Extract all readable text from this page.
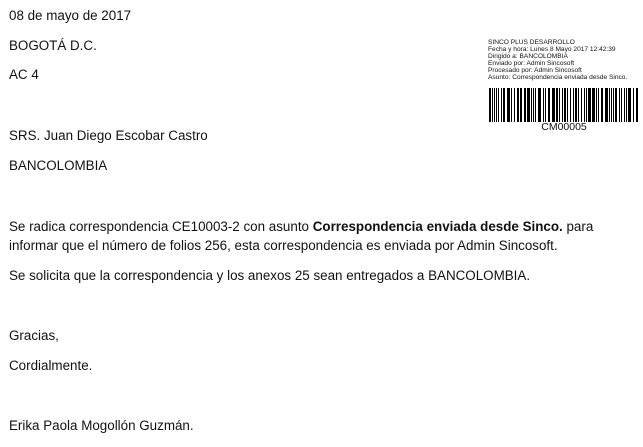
08 de mayo de 2017
BOGOTÁ D.C.
AC 4
SINCO PLUS DESARROLLO
Fecha y hora: Lunes 8 Mayo 2017 12:42:39
Dirigido a: BANCOLOMBIA
Enviado por: Admin Sincosoft
Procesado por: Admin Sincosoft
Asunto: Correspondencia enviada desde Sinco.
CM00005
SRS. Juan Diego Escobar Castro
BANCOLOMBIA
Se radica correspondencia CE10003-2 con asunto Correspondencia enviada desde Sinco. para
informar que el número de folios 256, esta correspondencia es enviada por Admin Sincosoft.
Se solicita que la correspondencia y los anexos 25 sean entregados a BANCOLOMBIA.
Gracias,
Cordialmente.
Erika Paola Mogollón Guzmán.
